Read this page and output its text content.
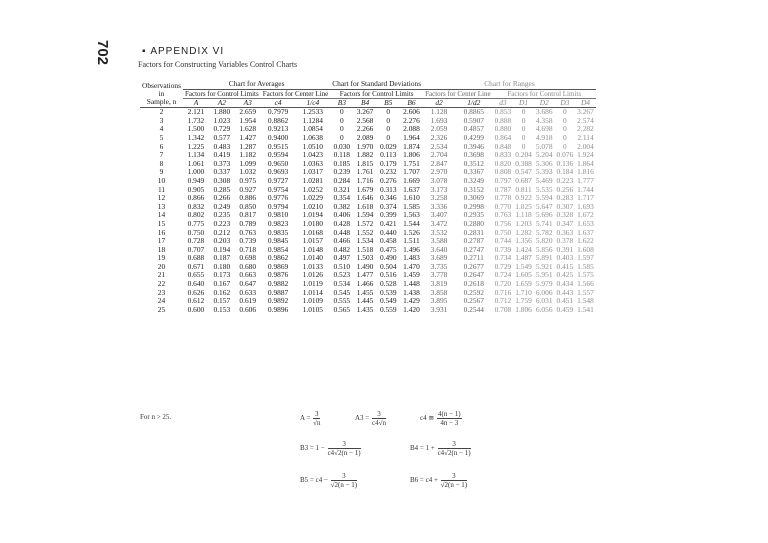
702	▪ APPENDIX VI
Factors for Constructing Variables Control Charts
Observations
in
Sample, n	Chart for Averages					Chart for Standard Deviations				Chart for Ranges						
	Factors for Control Limits			Factors for Center Line		Factors for Control Limits				Factors for Center Line		Factors for Control Limits				
	A	A2	A3	c4	1/c4	B3	B4	B5	B6	d2	1/d2	d3	D1	D2	D3	D4
2	2.121	1.880	2.659	0.7979	1.2533	0	3.267	0	2.606	1.128	0.8865	0.853	0	3.686	0	3.267
3	1.732	1.023	1.954	0.8862	1.1284	0	2.568	0	2.276	1.693	0.5907	0.888	0	4.358	0	2.574
4	1.500	0.729	1.628	0.9213	1.0854	0	2.266	0	2.088	2.059	0.4857	0.880	0	4.698	0	2.282
5	1.342	0.577	1.427	0.9400	1.0638	0	2.089	0	1.964	2.326	0.4299	0.864	0	4.918	0	2.114
6	1.225	0.483	1.287	0.9515	1.0510	0.030	1.970	0.029	1.874	2.534	0.3946	0.848	0	5.078	0	2.004
7	1.134	0.419	1.182	0.9594	1.0423	0.118	1.882	0.113	1.806	2.704	0.3698	0.833	0.204	5.204	0.076	1.924
8	1.061	0.373	1.099	0.9650	1.0363	0.185	1.815	0.179	1.751	2.847	0.3512	0.820	0.388	5.306	0.136	1.864
9	1.000	0.337	1.032	0.9693	1.0317	0.239	1.761	0.232	1.707	2.970	0.3367	0.808	0.547	5.393	0.184	1.816
10	0.949	0.308	0.975	0.9727	1.0281	0.284	1.716	0.276	1.669	3.078	0.3249	0.797	0.687	5.469	0.223	1.777
11	0.905	0.285	0.927	0.9754	1.0252	0.321	1.679	0.313	1.637	3.173	0.3152	0.787	0.811	5.535	0.256	1.744
12	0.866	0.266	0.886	0.9776	1.0229	0.354	1.646	0.346	1.610	3.258	0.3069	0.778	0.922	5.594	0.283	1.717
13	0.832	0.249	0.850	0.9794	1.0210	0.382	1.618	0.374	1.585	3.336	0.2998	0.770	1.025	5.647	0.307	1.693
14	0.802	0.235	0.817	0.9810	1.0194	0.406	1.594	0.399	1.563	3.407	0.2935	0.763	1.118	5.696	0.328	1.672
15	0.775	0.223	0.789	0.9823	1.0180	0.428	1.572	0.421	1.544	3.472	0.2880	0.756	1.203	5.741	0.347	1.653
16	0.750	0.212	0.763	0.9835	1.0168	0.448	1.552	0.440	1.526	3.532	0.2831	0.750	1.282	5.782	0.363	1.637
17	0.728	0.203	0.739	0.9845	1.0157	0.466	1.534	0.458	1.511	3.588	0.2787	0.744	1.356	5.820	0.378	1.622
18	0.707	0.194	0.718	0.9854	1.0148	0.482	1.518	0.475	1.496	3.640	0.2747	0.739	1.424	5.856	0.391	1.608
19	0.688	0.187	0.698	0.9862	1.0140	0.497	1.503	0.490	1.483	3.689	0.2711	0.734	1.487	5.891	0.403	1.597
20	0.671	0.180	0.680	0.9869	1.0133	0.510	1.490	0.504	1.470	3.735	0.2677	0.729	1.549	5.921	0.415	1.585
21	0.655	0.173	0.663	0.9876	1.0126	0.523	1.477	0.516	1.459	3.778	0.2647	0.724	1.605	5.951	0.425	1.575
22	0.640	0.167	0.647	0.9882	1.0119	0.534	1.466	0.528	1.448	3.819	0.2618	0.720	1.659	5.979	0.434	1.566
23	0.626	0.162	0.633	0.9887	1.0114	0.545	1.455	0.539	1.438	3.858	0.2592	0.716	1.710	6.006	0.443	1.557
24	0.612	0.157	0.619	0.9892	1.0109	0.555	1.445	0.549	1.429	3.895	0.2567	0.712	1.759	6.031	0.451	1.548
25	0.600	0.153	0.606	0.9896	1.0105	0.565	1.435	0.559	1.420	3.931	0.2544	0.708	1.806	6.056	0.459	1.541
For n > 25.	$A = \frac{3}{√n}$	$A3 = \frac{3}{c4√n}$	c4 ≅ $\frac{4(n - 1)}{4n - 3}$
$B3 = 1 - \frac{3}{c4√2(n - 1)}$	$B4 = 1 + \frac{3}{c4√2(n - 1)}$
$B5 = c4 - \frac{3}{√2(n - 1)}$	$B6 = c4 + \frac{3}{√2(n - 1)}$
